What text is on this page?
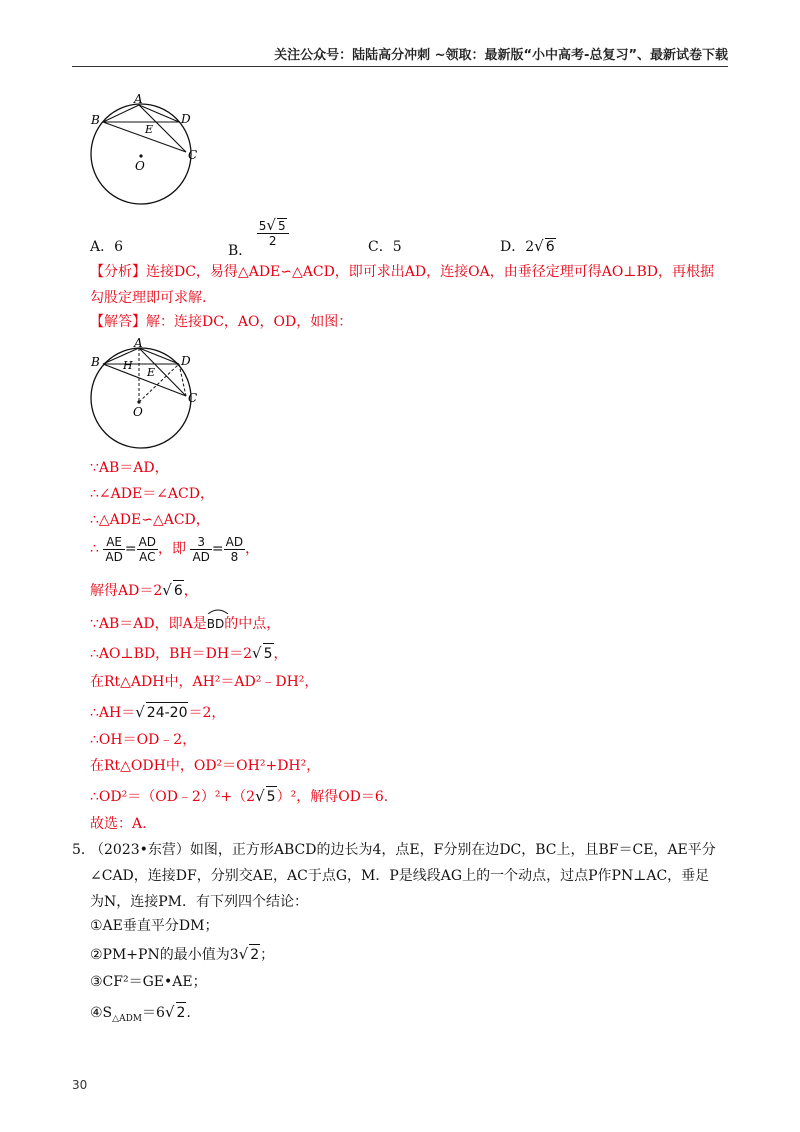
关注公众号：陆陆高分冲刺 ~领取：最新版“小中高考-总复习”、最新试卷下载
A
B	D
E
C
O
A．6	B．
$\frac{5√ 5}{2}$	C．5	D．2√ 6
【分析】连接DC，易得△ADE∽△ACD，即可求出AD，连接OA，由垂径定理可得AO⊥BD，再根据
勾股定理即可求解.
【解答】解：连接DC，AO，OD，如图：
A
B	D
H
E
C
O
∵AB＝AD，
∴∠ADE＝∠ACD，
∴△ADE∽△ACD，
∴ $\frac{AE}{AD} = \frac{AD}{AC}$ ，即 $\frac{3}{AD} = \frac{AD}{8}$ ，
解得AD＝2√ 6，
∵AB＝AD，即A是
BD的中点，
∴AO⊥BD，BH＝DH＝2√ 5，
在Rt△ADH中，AH²＝AD²﹣DH²，
∴AH＝√ 24-20＝2，
∴OH＝OD﹣2，
在Rt△ODH中，OD²＝OH²+DH²，
∴OD²＝（OD﹣2）²+（2√ 5）²，解得OD＝6.
故选：A.
5．（2023•东营）如图，正方形ABCD的边长为4，点E，F分别在边DC，BC上，且BF＝CE，AE平分
∠CAD，连接DF，分别交AE，AC于点G，M．P是线段AG上的一个动点，过点P作PN⊥AC，垂足
为N，连接PM．有下列四个结论：
①AE垂直平分DM；
②PM+PN的最小值为3√ 2；
③CF²＝GE•AE；
$④S_{\triangle ADM}=6√$ 2.
30
